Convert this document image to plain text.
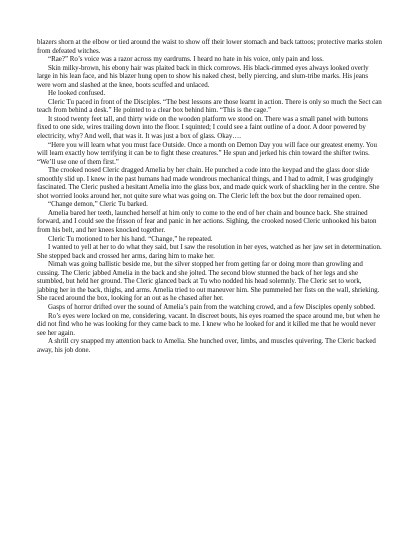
blazers shorn at the elbow or tied around the waist to show off their lower stomach and back tattoos; protective marks stolen from defeated witches.

“Rae?” Ro’s voice was a razor across my eardrums. I heard no hate in his voice, only pain and loss.

Skin milky-brown, his ebony hair was plaited back in thick cornrows. His black-rimmed eyes always looked overly large in his lean face, and his blazer hung open to show his naked chest, belly piercing, and slum-tribe marks. His jeans were worn and slashed at the knee, boots scuffed and unlaced.

He looked confused.

Cleric Tu paced in front of the Disciples. “The best lessons are those learnt in action. There is only so much the Sect can teach from behind a desk.” He pointed to a clear box behind him. “This is the cage.”

It stood twenty feet tall, and thirty wide on the wooden platform we stood on. There was a small panel with buttons fixed to one side, wires trailing down into the floor. I squinted; I could see a faint outline of a door. A door powered by electricity, why? And well, that was it. It was just a box of glass. Okay….

“Here you will learn what you must face Outside. Once a month on Demon Day you will face our greatest enemy. You will learn exactly how terrifying it can be to fight these creatures.” He spun and jerked his chin toward the shifter twins. “We’ll use one of them first.”

The crooked nosed Cleric dragged Amelia by her chain. He punched a code into the keypad and the glass door slide smoothly slid up. I knew in the past humans had made wondrous mechanical things, and I had to admit, I was grudgingly fascinated. The Cleric pushed a hesitant Amelia into the glass box, and made quick work of shackling her in the centre. She shot worried looks around her, not quite sure what was going on. The Cleric left the box but the door remained open.

“Change demon,” Cleric Tu barked.

Amelia bared her teeth, launched herself at him only to come to the end of her chain and bounce back. She strained forward, and I could see the frisson of fear and panic in her actions. Sighing, the crooked nosed Cleric unhooked his baton from his belt, and her knees knocked together.

Cleric Tu motioned to her his hand. “Change,” he repeated.

I wanted to yell at her to do what they said, but I saw the resolution in her eyes, watched as her jaw set in determination. She stepped back and crossed her arms, daring him to make her.

Nimah was going ballistic beside me, but the silver stopped her from getting far or doing more than growling and cussing. The Cleric jabbed Amelia in the back and she jolted. The second blow stunned the back of her legs and she stumbled, but held her ground. The Cleric glanced back at Tu who nodded his head solemnly. The Cleric set to work, jabbing her in the back, thighs, and arms. Amelia tried to out maneuver him. She pummeled her fists on the wall, shrieking. She raced around the box, looking for an out as he chased after her.

Gasps of horror drifted over the sound of Amelia’s pain from the watching crowd, and a few Disciples openly sobbed.

Ro’s eyes were locked on me, considering, vacant. In discreet bouts, his eyes roamed the space around me, but when he did not find who he was looking for they came back to me. I knew who he looked for and it killed me that he would never see her again.

A shrill cry snapped my attention back to Amelia. She hunched over, limbs, and muscles quivering. The Cleric backed away, his job done.
